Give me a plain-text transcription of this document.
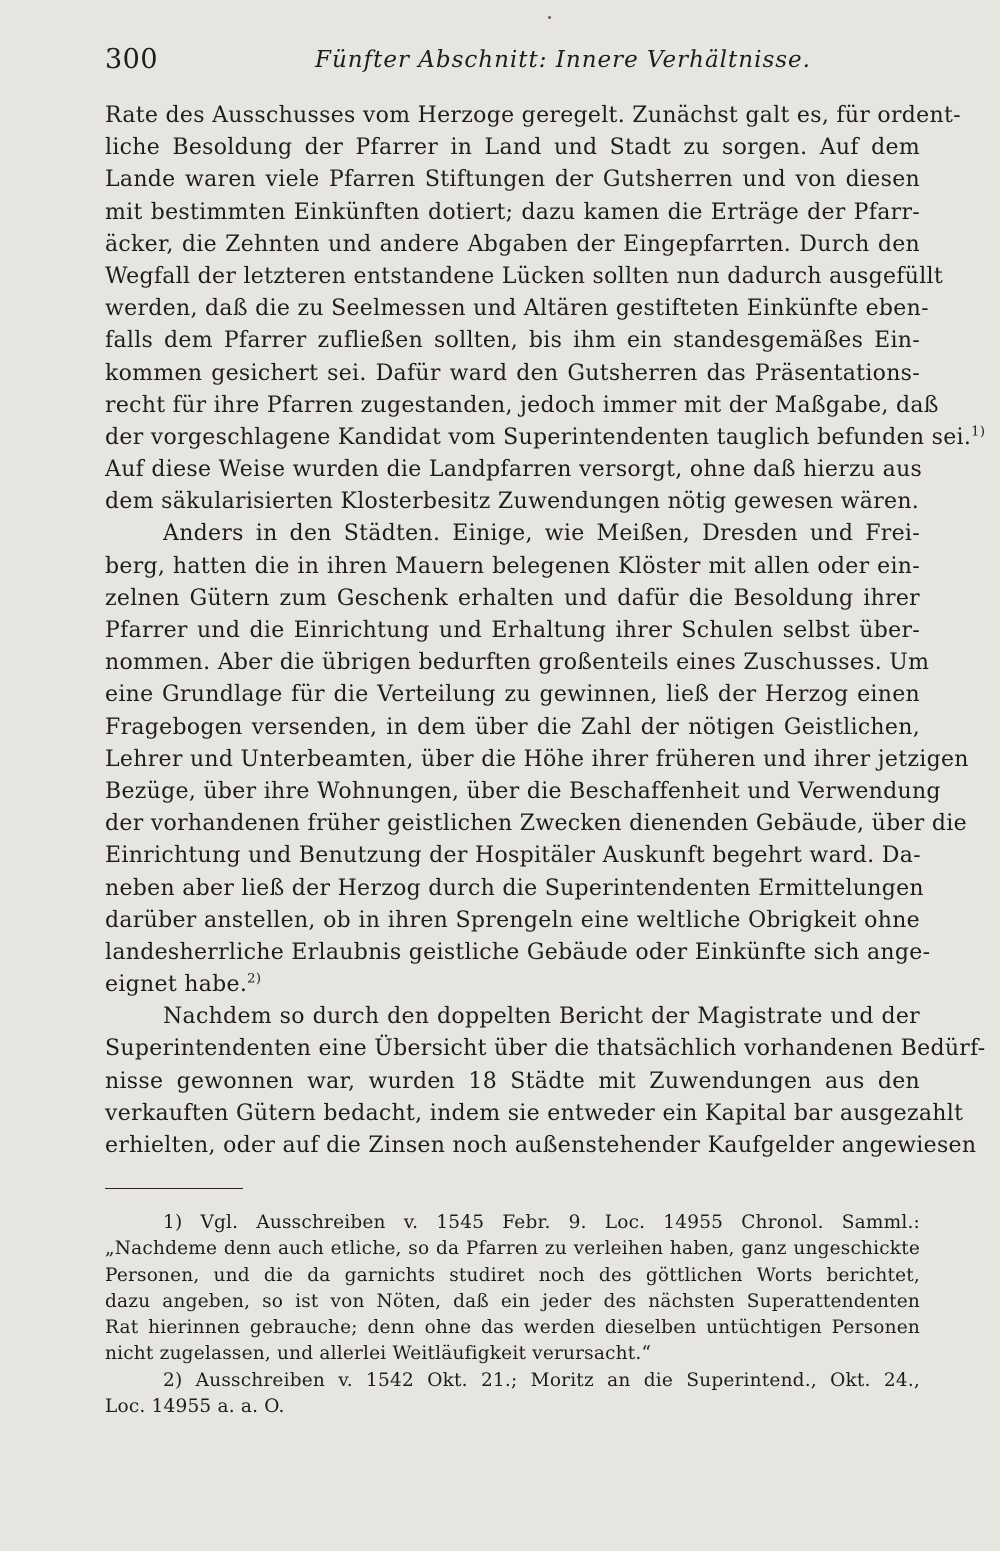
300	Fünfter Abschnitt: Innere Verhältnisse.
Rate des Ausschusses vom Herzoge geregelt. Zunächst galt es, für ordent-
liche Besoldung der Pfarrer in Land und Stadt zu sorgen. Auf dem
Lande waren viele Pfarren Stiftungen der Gutsherren und von diesen
mit bestimmten Einkünften dotiert; dazu kamen die Erträge der Pfarr-
äcker, die Zehnten und andere Abgaben der Eingepfarrten. Durch den
Wegfall der letzteren entstandene Lücken sollten nun dadurch ausgefüllt
werden, daß die zu Seelmessen und Altären gestifteten Einkünfte eben-
falls dem Pfarrer zufließen sollten, bis ihm ein standesgemäßes Ein-
kommen gesichert sei. Dafür ward den Gutsherren das Präsentations-
recht für ihre Pfarren zugestanden, jedoch immer mit der Maßgabe, daß
der vorgeschlagene Kandidat vom Superintendenten tauglich befunden sei.$^{1)}$
Auf diese Weise wurden die Landpfarren versorgt, ohne daß hierzu aus
dem säkularisierten Klosterbesitz Zuwendungen nötig gewesen wären.
Anders in den Städten. Einige, wie Meißen, Dresden und Frei-
berg, hatten die in ihren Mauern belegenen Klöster mit allen oder ein-
zelnen Gütern zum Geschenk erhalten und dafür die Besoldung ihrer
Pfarrer und die Einrichtung und Erhaltung ihrer Schulen selbst über-
nommen. Aber die übrigen bedurften großenteils eines Zuschusses. Um
eine Grundlage für die Verteilung zu gewinnen, ließ der Herzog einen
Fragebogen versenden, in dem über die Zahl der nötigen Geistlichen,
Lehrer und Unterbeamten, über die Höhe ihrer früheren und ihrer jetzigen
Bezüge, über ihre Wohnungen, über die Beschaffenheit und Verwendung
der vorhandenen früher geistlichen Zwecken dienenden Gebäude, über die
Einrichtung und Benutzung der Hospitäler Auskunft begehrt ward. Da-
neben aber ließ der Herzog durch die Superintendenten Ermittelungen
darüber anstellen, ob in ihren Sprengeln eine weltliche Obrigkeit ohne
landesherrliche Erlaubnis geistliche Gebäude oder Einkünfte sich ange-
eignet habe.$^{2)}$
Nachdem so durch den doppelten Bericht der Magistrate und der
Superintendenten eine Übersicht über die thatsächlich vorhandenen Bedürf-
nisse gewonnen war, wurden 18 Städte mit Zuwendungen aus den
verkauften Gütern bedacht, indem sie entweder ein Kapital bar ausgezahlt
erhielten, oder auf die Zinsen noch außenstehender Kaufgelder angewiesen
1) Vgl. Ausschreiben v. 1545 Febr. 9. Loc. 14955 Chronol. Samml.:
„Nachdeme denn auch etliche, so da Pfarren zu verleihen haben, ganz ungeschickte
Personen, und die da garnichts studiret noch des göttlichen Worts berichtet,
dazu angeben, so ist von Nöten, daß ein jeder des nächsten Superattendenten
Rat hierinnen gebrauche; denn ohne das werden dieselben untüchtigen Personen
nicht zugelassen, und allerlei Weitläufigkeit verursacht.“
2) Ausschreiben v. 1542 Okt. 21.; Moritz an die Superintend., Okt. 24.,
Loc. 14955 a. a. O.
